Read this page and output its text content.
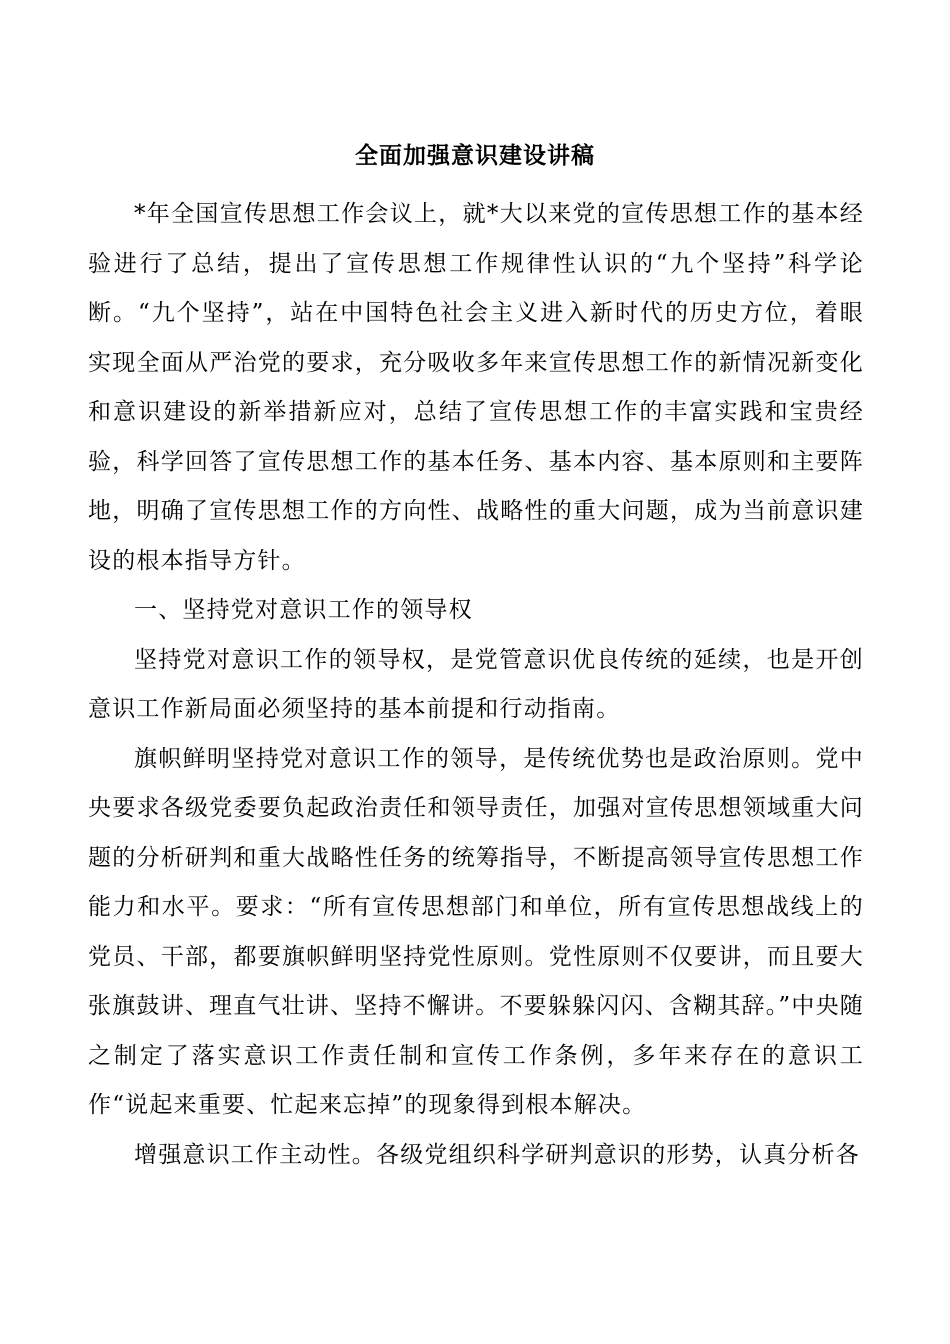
全面加强意识建设讲稿

*年全国宣传思想工作会议上，就*大以来党的宣传思想工作的基本经验进行了总结，提出了宣传思想工作规律性认识的“九个坚持”科学论断。“九个坚持”，站在中国特色社会主义进入新时代的历史方位，着眼实现全面从严治党的要求，充分吸收多年来宣传思想工作的新情况新变化和意识建设的新举措新应对，总结了宣传思想工作的丰富实践和宝贵经验，科学回答了宣传思想工作的基本任务、基本内容、基本原则和主要阵地，明确了宣传思想工作的方向性、战略性的重大问题，成为当前意识建设的根本指导方针。

一、坚持党对意识工作的领导权

坚持党对意识工作的领导权，是党管意识优良传统的延续，也是开创意识工作新局面必须坚持的基本前提和行动指南。

旗帜鲜明坚持党对意识工作的领导，是传统优势也是政治原则。党中央要求各级党委要负起政治责任和领导责任，加强对宣传思想领域重大问题的分析研判和重大战略性任务的统筹指导，不断提高领导宣传思想工作能力和水平。要求：“所有宣传思想部门和单位，所有宣传思想战线上的党员、干部，都要旗帜鲜明坚持党性原则。党性原则不仅要讲，而且要大张旗鼓讲、理直气壮讲、坚持不懈讲。不要躲躲闪闪、含糊其辞。”中央随之制定了落实意识工作责任制和宣传工作条例，多年来存在的意识工作“说起来重要、忙起来忘掉”的现象得到根本解决。

增强意识工作主动性。各级党组织科学研判意识的形势，认真分析各
